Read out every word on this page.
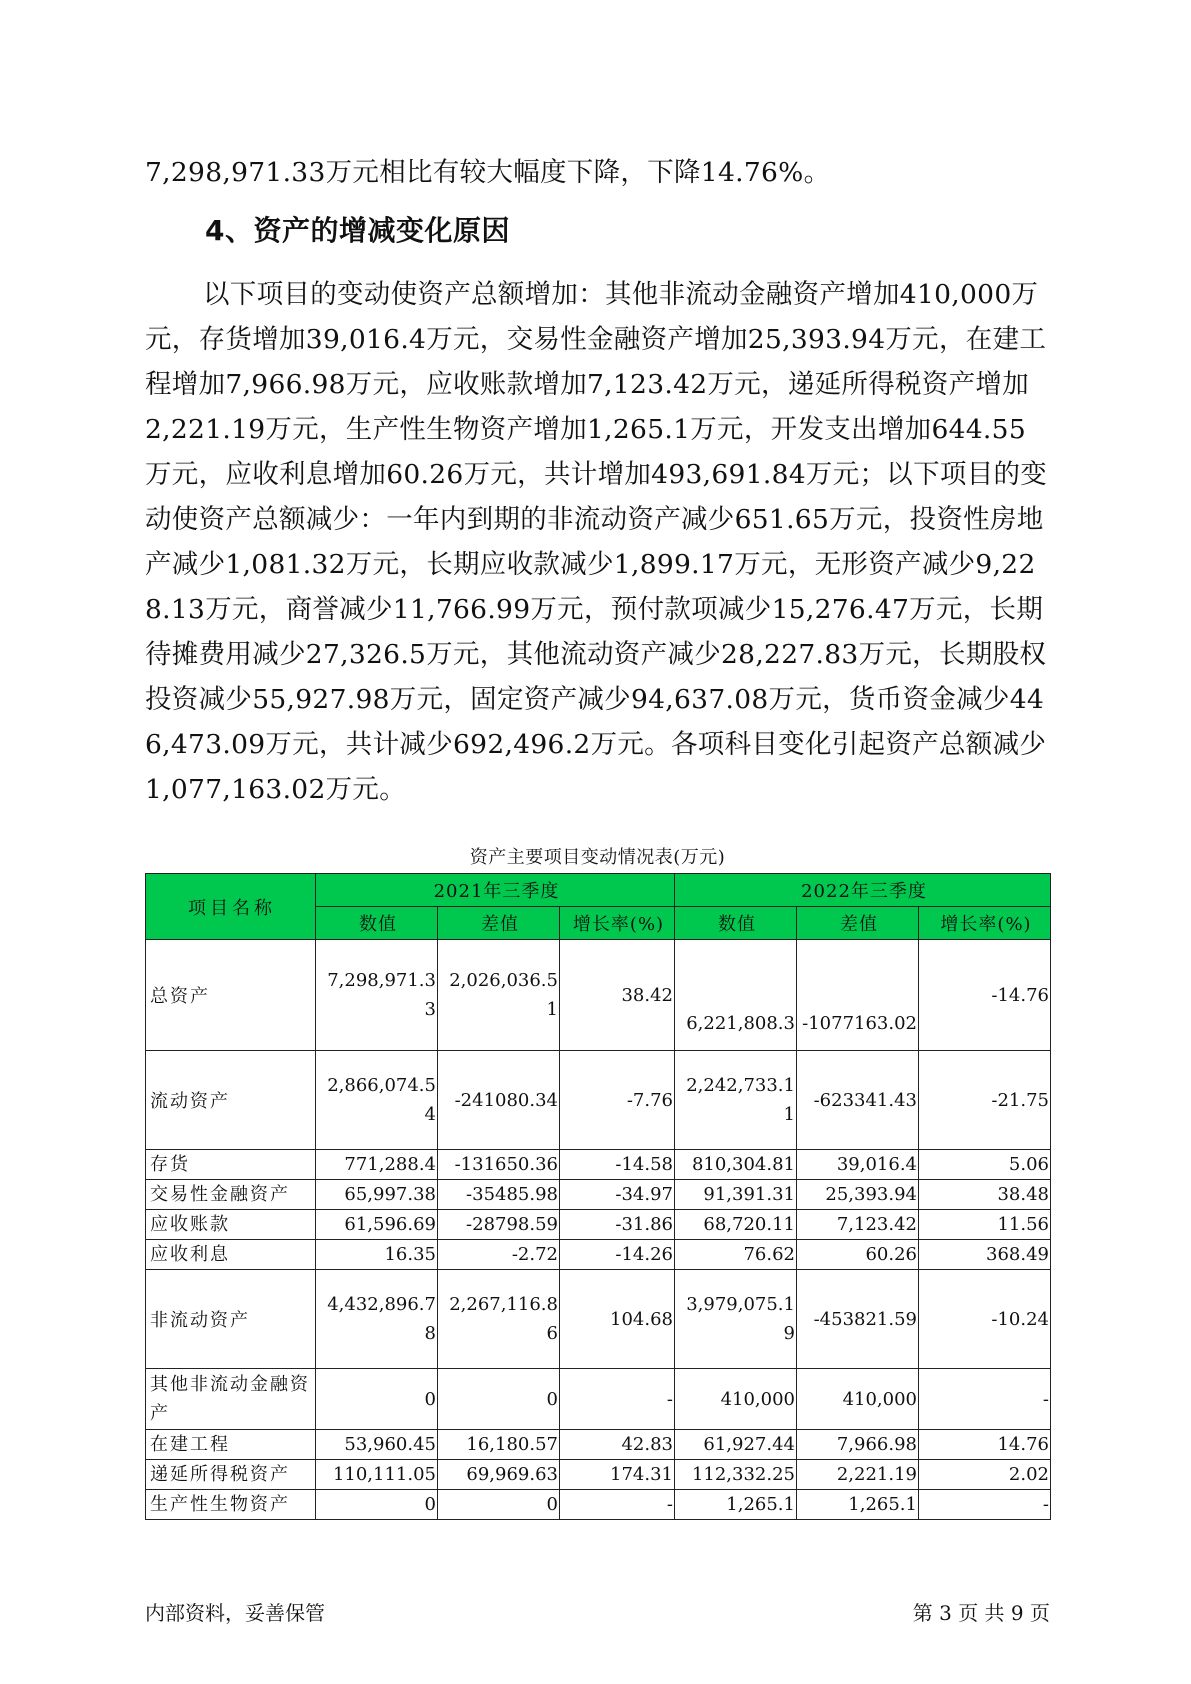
7,298,971.33万元相比有较大幅度下降，下降14.76%。
4、资产的增减变化原因
以下项目的变动使资产总额增加：其他非流动金融资产增加410,000万元，存货增加39,016.4万元，交易性金融资产增加25,393.94万元，在建工程增加7,966.98万元，应收账款增加7,123.42万元，递延所得税资产增加2,221.19万元，生产性生物资产增加1,265.1万元，开发支出增加644.55万元，应收利息增加60.26万元，共计增加493,691.84万元；以下项目的变动使资产总额减少：一年内到期的非流动资产减少651.65万元，投资性房地产减少1,081.32万元，长期应收款减少1,899.17万元，无形资产减少9,228.13万元，商誉减少11,766.99万元，预付款项减少15,276.47万元，长期待摊费用减少27,326.5万元，其他流动资产减少28,227.83万元，长期股权投资减少55,927.98万元，固定资产减少94,637.08万元，货币资金减少446,473.09万元，共计减少692,496.2万元。各项科目变化引起资产总额减少1,077,163.02万元。
资产主要项目变动情况表(万元)
项目名称	2021年三季度			2022年三季度		
	数值	差值	增长率(%)	数值	差值	增长率(%)
总资产	7,298,971.33	2,026,036.51	38.42	6,221,808.3	-1077163.02	-14.76
流动资产	2,866,074.54	-241080.34	-7.76	2,242,733.11	-623341.43	-21.75
存货	771,288.4	-131650.36	-14.58	810,304.81	39,016.4	5.06
交易性金融资产	65,997.38	-35485.98	-34.97	91,391.31	25,393.94	38.48
应收账款	61,596.69	-28798.59	-31.86	68,720.11	7,123.42	11.56
应收利息	16.35	-2.72	-14.26	76.62	60.26	368.49
非流动资产	4,432,896.78	2,267,116.86	104.68	3,979,075.19	-453821.59	-10.24
其他非流动金融资产	0	0	-	410,000	410,000	-
在建工程	53,960.45	16,180.57	42.83	61,927.44	7,966.98	14.76
递延所得税资产	110,111.05	69,969.63	174.31	112,332.25	2,221.19	2.02
生产性生物资产	0	0	-	1,265.1	1,265.1	-
内部资料，妥善保管	第 3 页 共 9 页
